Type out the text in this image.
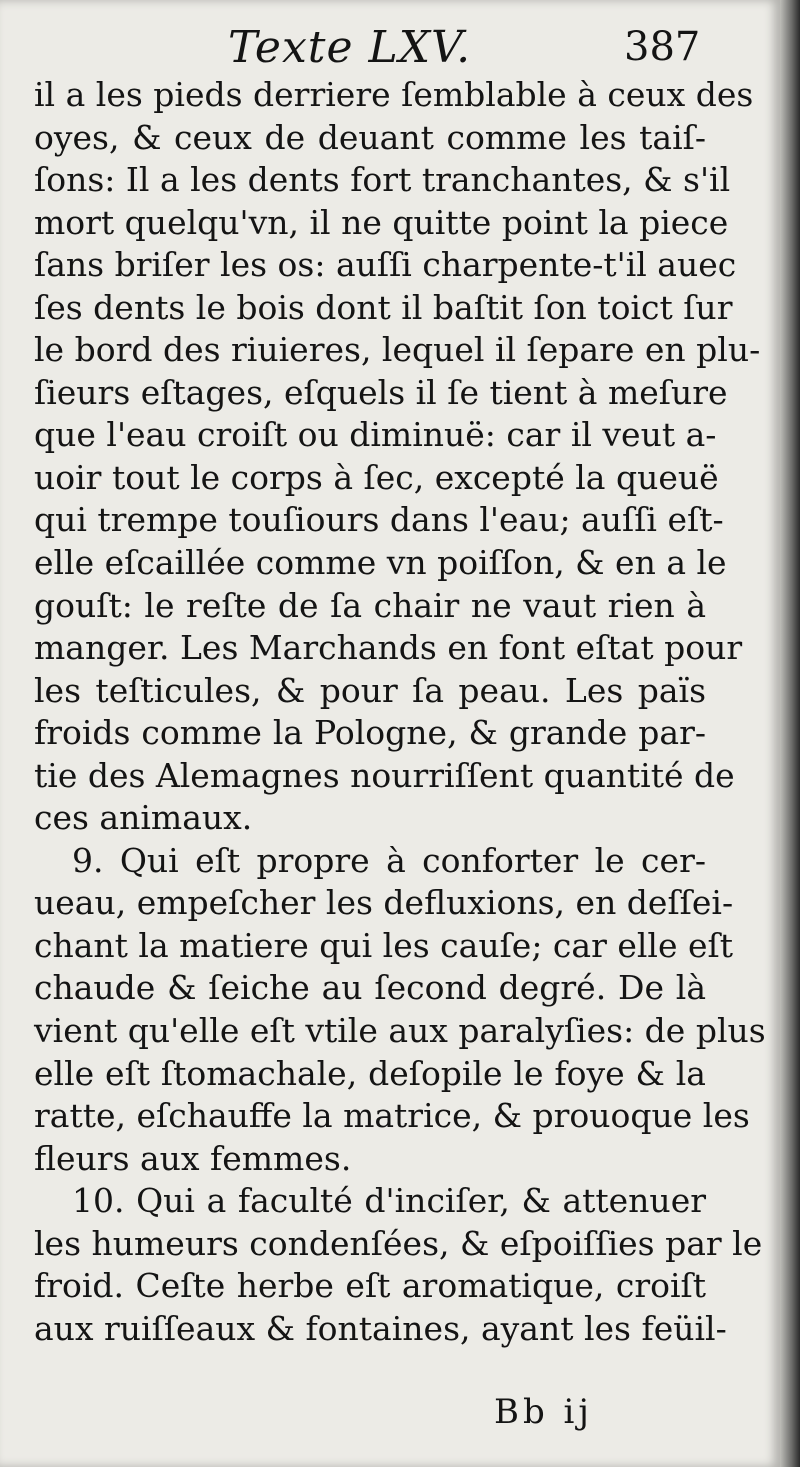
Texte LXV.	387
il a les pieds derriere ſemblable à ceux des
oyes, & ceux de deuant comme les taiſ-
ſons: Il a les dents fort tranchantes, & s'il
mort quelqu'vn, il ne quitte point la piece
ſans briſer les os: auſſi charpente-t'il auec
ſes dents le bois dont il baſtit ſon toict ſur
le bord des riuieres, lequel il ſepare en plu-
ſieurs eſtages, eſquels il ſe tient à meſure
que l'eau croiſt ou diminuë: car il veut a-
uoir tout le corps à ſec, excepté la queuë
qui trempe touſiours dans l'eau; auſſi eſt-
elle eſcaillée comme vn poiſſon, & en a le
gouſt: le reſte de ſa chair ne vaut rien à
manger. Les Marchands en font eſtat pour
les teſticules, & pour ſa peau. Les païs
froids comme la Pologne, & grande par-
tie des Alemagnes nourriſſent quantité de
ces animaux.
9. Qui eſt propre à conforter le cer-
ueau, empeſcher les defluxions, en deſſei-
chant la matiere qui les cauſe; car elle eſt
chaude & ſeiche au ſecond degré. De là
vient qu'elle eſt vtile aux paralyſies: de plus
elle eſt ſtomachale, deſopile le foye & la
ratte, eſchauffe la matrice, & prouoque les
fleurs aux femmes.
10. Qui a faculté d'inciſer, & attenuer
les humeurs condenſées, & eſpoiſſies par le
froid. Ceſte herbe eſt aromatique, croiſt
aux ruiſſeaux & fontaines, ayant les feüil-
Bb ij
